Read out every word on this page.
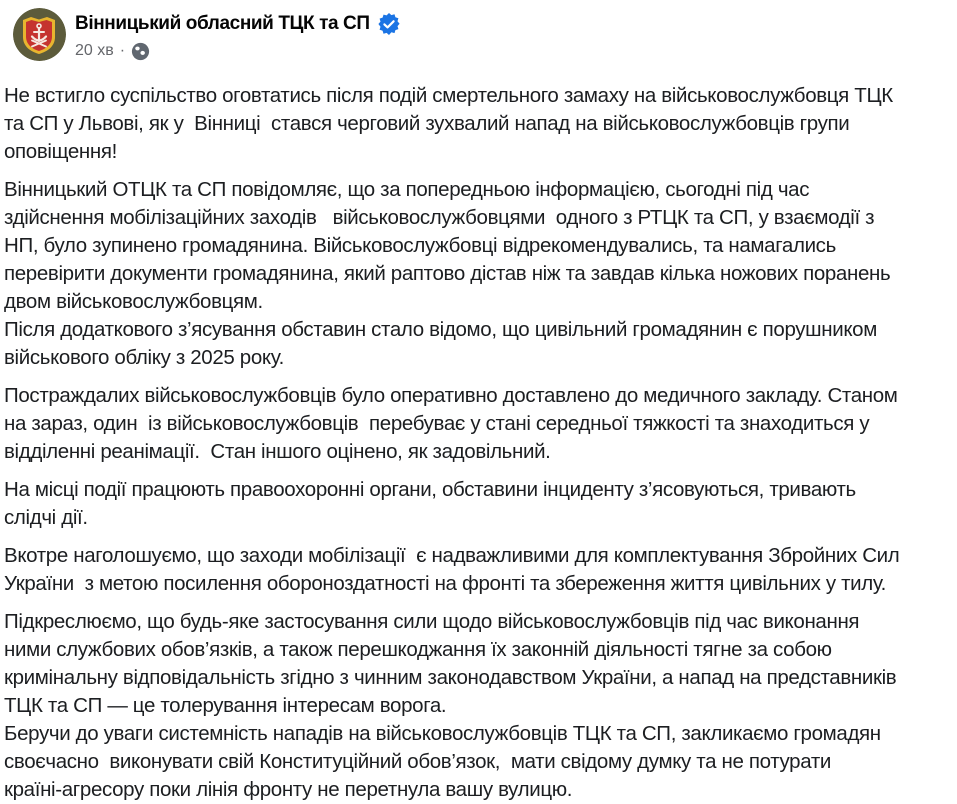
Вінницький обласний ТЦК та СП
20 хв ·

Не встигло суспільство оговтатись після подій смертельного замаху на військовослужбовця ТЦК
та СП у Львові, як у  Вінниці  стався черговий зухвалий напад на військовослужбовців групи
оповіщення!

Вінницький ОТЦК та СП повідомляє, що за попередньою інформацією, сьогодні під час
здійснення мобілізаційних заходів   військовослужбовцями  одного з РТЦК та СП, у взаємодії з
НП, було зупинено громадянина. Військовослужбовці відрекомендувались, та намагались
перевірити документи громадянина, який раптово дістав ніж та завдав кілька ножових поранень
двом військовослужбовцям.

Після додаткового з’ясування обставин стало відомо, що цивільний громадянин є порушником
військового обліку з 2025 року.

Постраждалих військовослужбовців було оперативно доставлено до медичного закладу. Станом
на зараз, один  із військовослужбовців  перебуває у стані середньої тяжкості та знаходиться у
відділенні реанімації.  Стан іншого оцінено, як задовільний.

На місці події працюють правоохоронні органи, обставини інциденту з’ясовуються, тривають
слідчі дії.

Вкотре наголошуємо, що заходи мобілізації  є надважливими для комплектування Збройних Сил
України  з метою посилення обороноздатності на фронті та збереження життя цивільних у тилу.

Підкреслюємо, що будь-яке застосування сили щодо військовослужбовців під час виконання
ними службових обов’язків, а також перешкоджання їх законній діяльності тягне за собою
кримінальну відповідальність згідно з чинним законодавством України, а напад на представників
ТЦК та СП — це толерування інтересам ворога.

Беручи до уваги системність нападів на військовослужбовців ТЦК та СП, закликаємо громадян
своєчасно  виконувати свій Конституційний обов’язок,  мати свідому думку та не потурати
країні-агресору поки лінія фронту не перетнула вашу вулицю.
